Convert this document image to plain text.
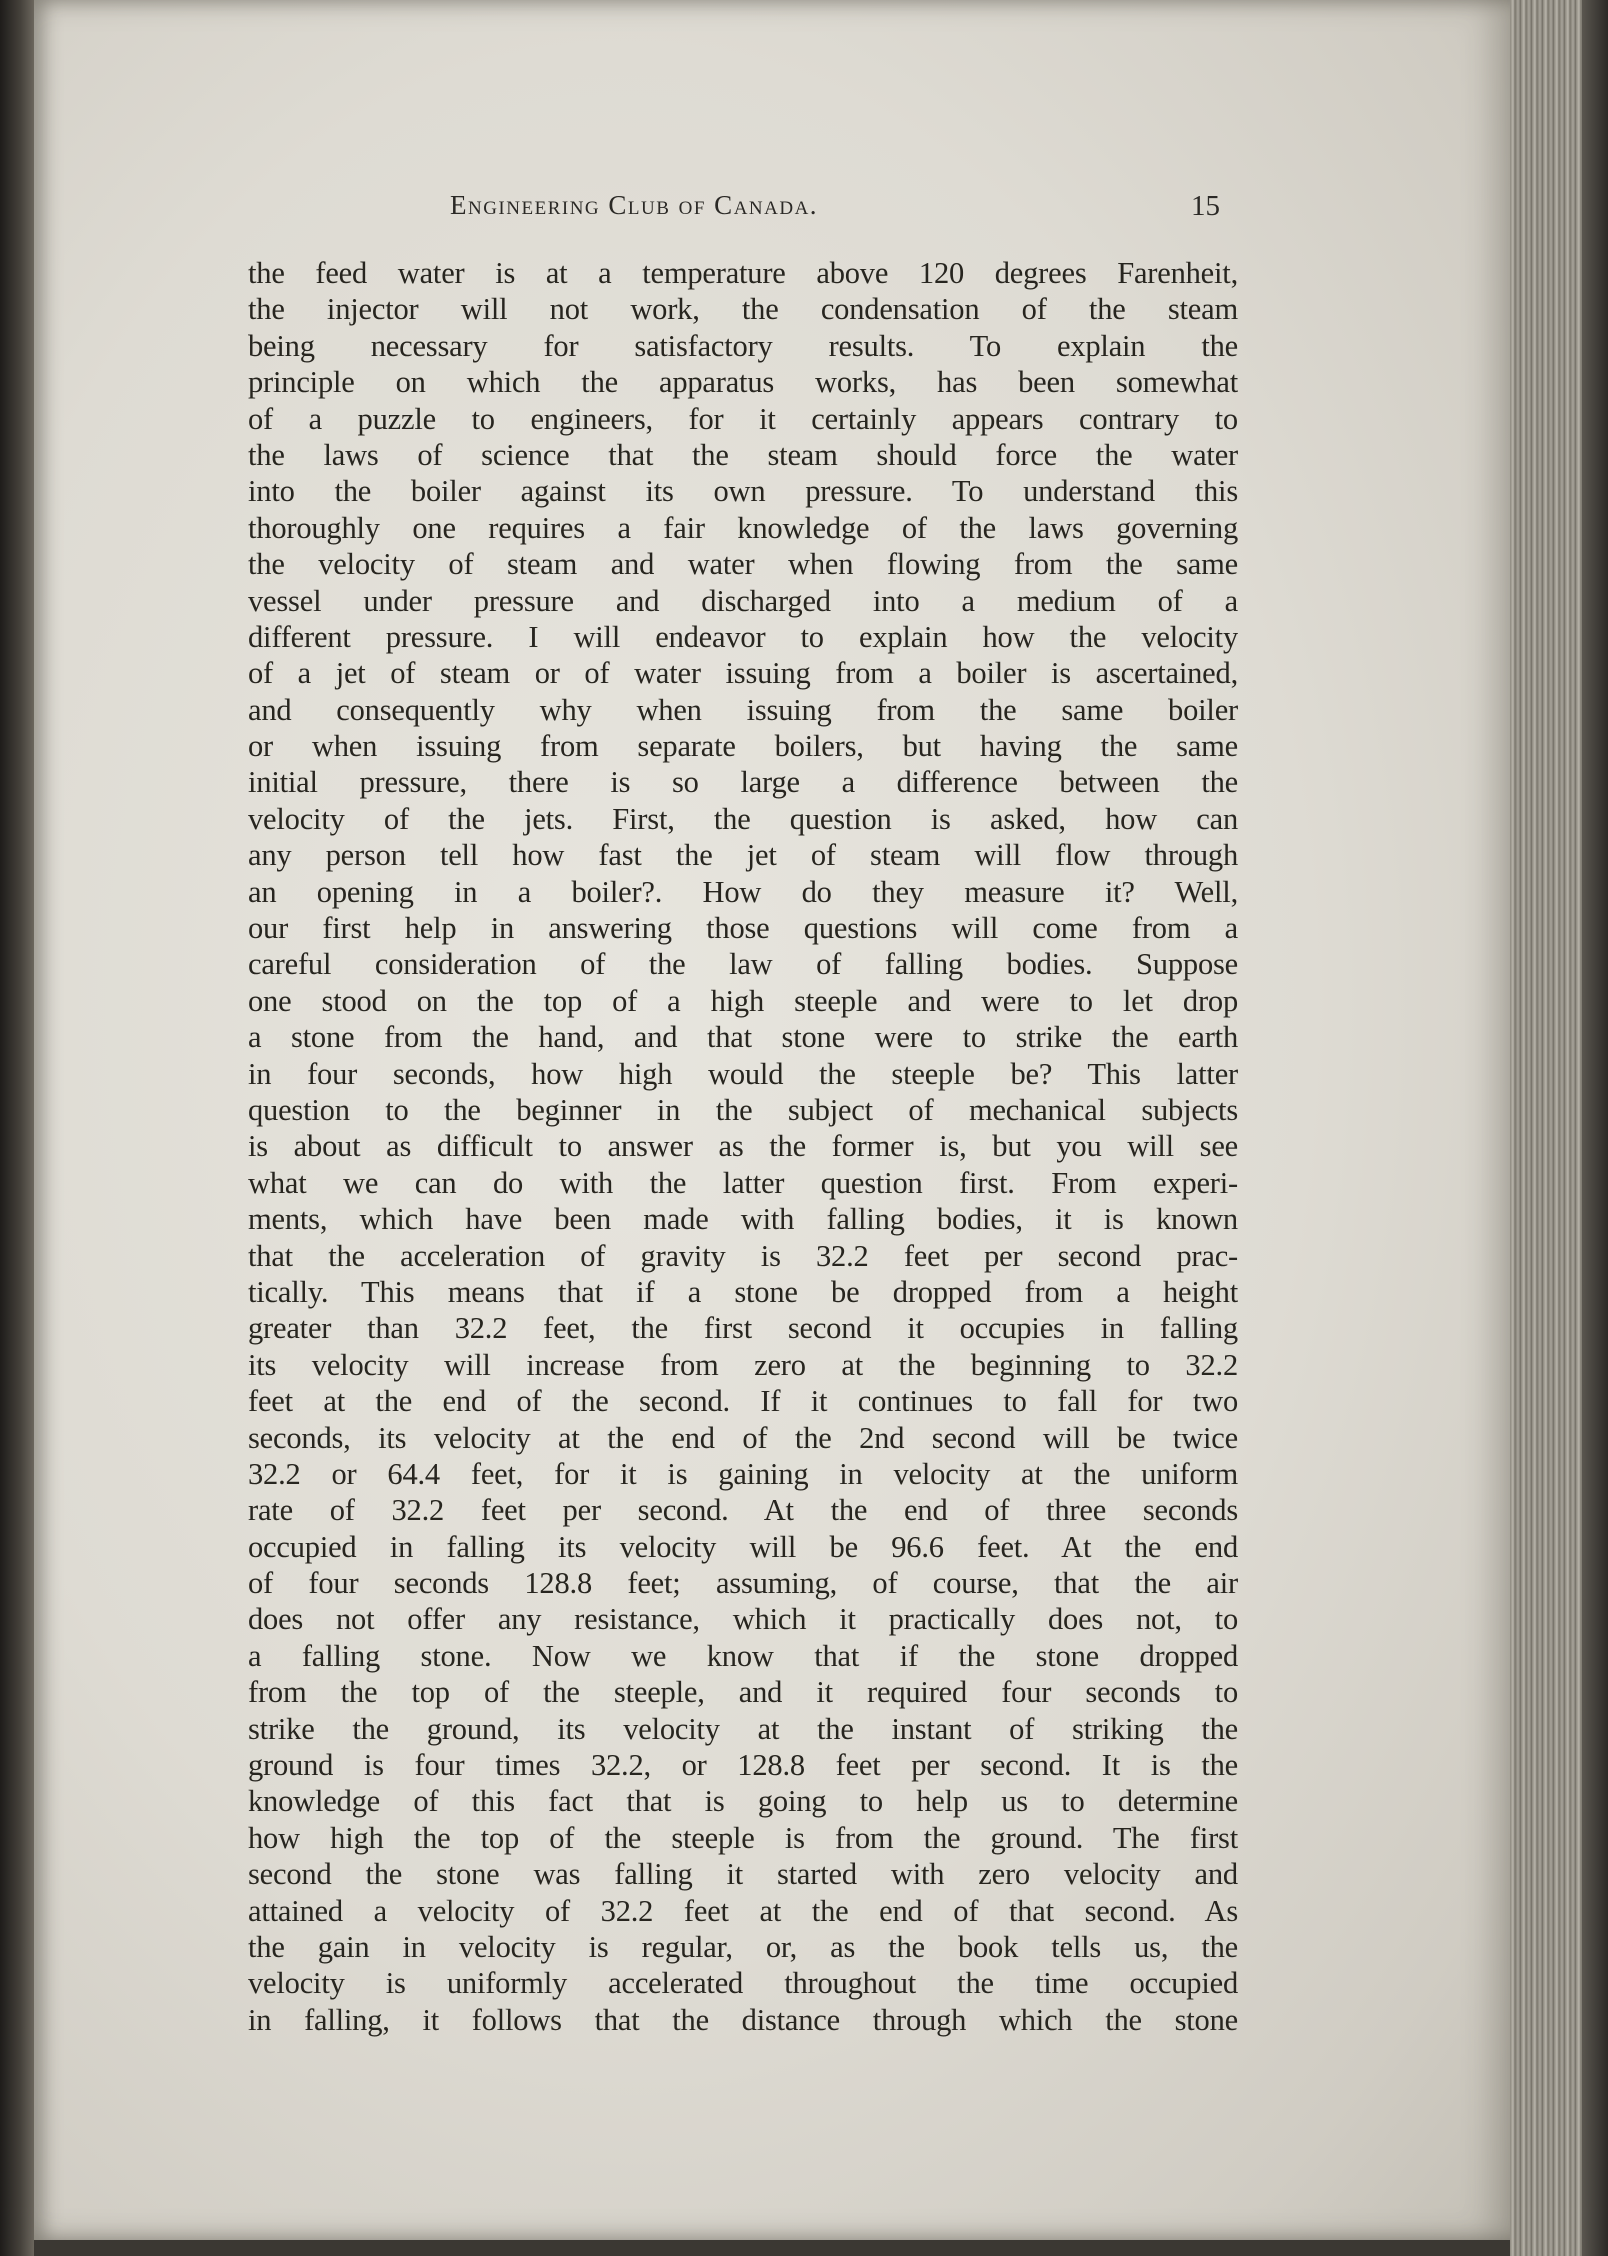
Engineering Club of Canada.	15
the feed water is at a temperature above 120 degrees Farenheit,
the injector will not work, the condensation of the steam
being necessary for satisfactory results. To explain the
principle on which the apparatus works, has been somewhat
of a puzzle to engineers, for it certainly appears contrary to
the laws of science that the steam should force the water
into the boiler against its own pressure. To understand this
thoroughly one requires a fair knowledge of the laws governing
the velocity of steam and water when flowing from the same
vessel under pressure and discharged into a medium of a
different pressure. I will endeavor to explain how the velocity
of a jet of steam or of water issuing from a boiler is ascertained,
and consequently why when issuing from the same boiler
or when issuing from separate boilers, but having the same
initial pressure, there is so large a difference between the
velocity of the jets. First, the question is asked, how can
any person tell how fast the jet of steam will flow through
an opening in a boiler?. How do they measure it? Well,
our first help in answering those questions will come from a
careful consideration of the law of falling bodies. Suppose
one stood on the top of a high steeple and were to let drop
a stone from the hand, and that stone were to strike the earth
in four seconds, how high would the steeple be? This latter
question to the beginner in the subject of mechanical subjects
is about as difficult to answer as the former is, but you will see
what we can do with the latter question first. From experi-
ments, which have been made with falling bodies, it is known
that the acceleration of gravity is 32.2 feet per second prac-
tically. This means that if a stone be dropped from a height
greater than 32.2 feet, the first second it occupies in falling
its velocity will increase from zero at the beginning to 32.2
feet at the end of the second. If it continues to fall for two
seconds, its velocity at the end of the 2nd second will be twice
32.2 or 64.4 feet, for it is gaining in velocity at the uniform
rate of 32.2 feet per second. At the end of three seconds
occupied in falling its velocity will be 96.6 feet. At the end
of four seconds 128.8 feet; assuming, of course, that the air
does not offer any resistance, which it practically does not, to
a falling stone. Now we know that if the stone dropped
from the top of the steeple, and it required four seconds to
strike the ground, its velocity at the instant of striking the
ground is four times 32.2, or 128.8 feet per second. It is the
knowledge of this fact that is going to help us to determine
how high the top of the steeple is from the ground. The first
second the stone was falling it started with zero velocity and
attained a velocity of 32.2 feet at the end of that second. As
the gain in velocity is regular, or, as the book tells us, the
velocity is uniformly accelerated throughout the time occupied
in falling, it follows that the distance through which the stone
